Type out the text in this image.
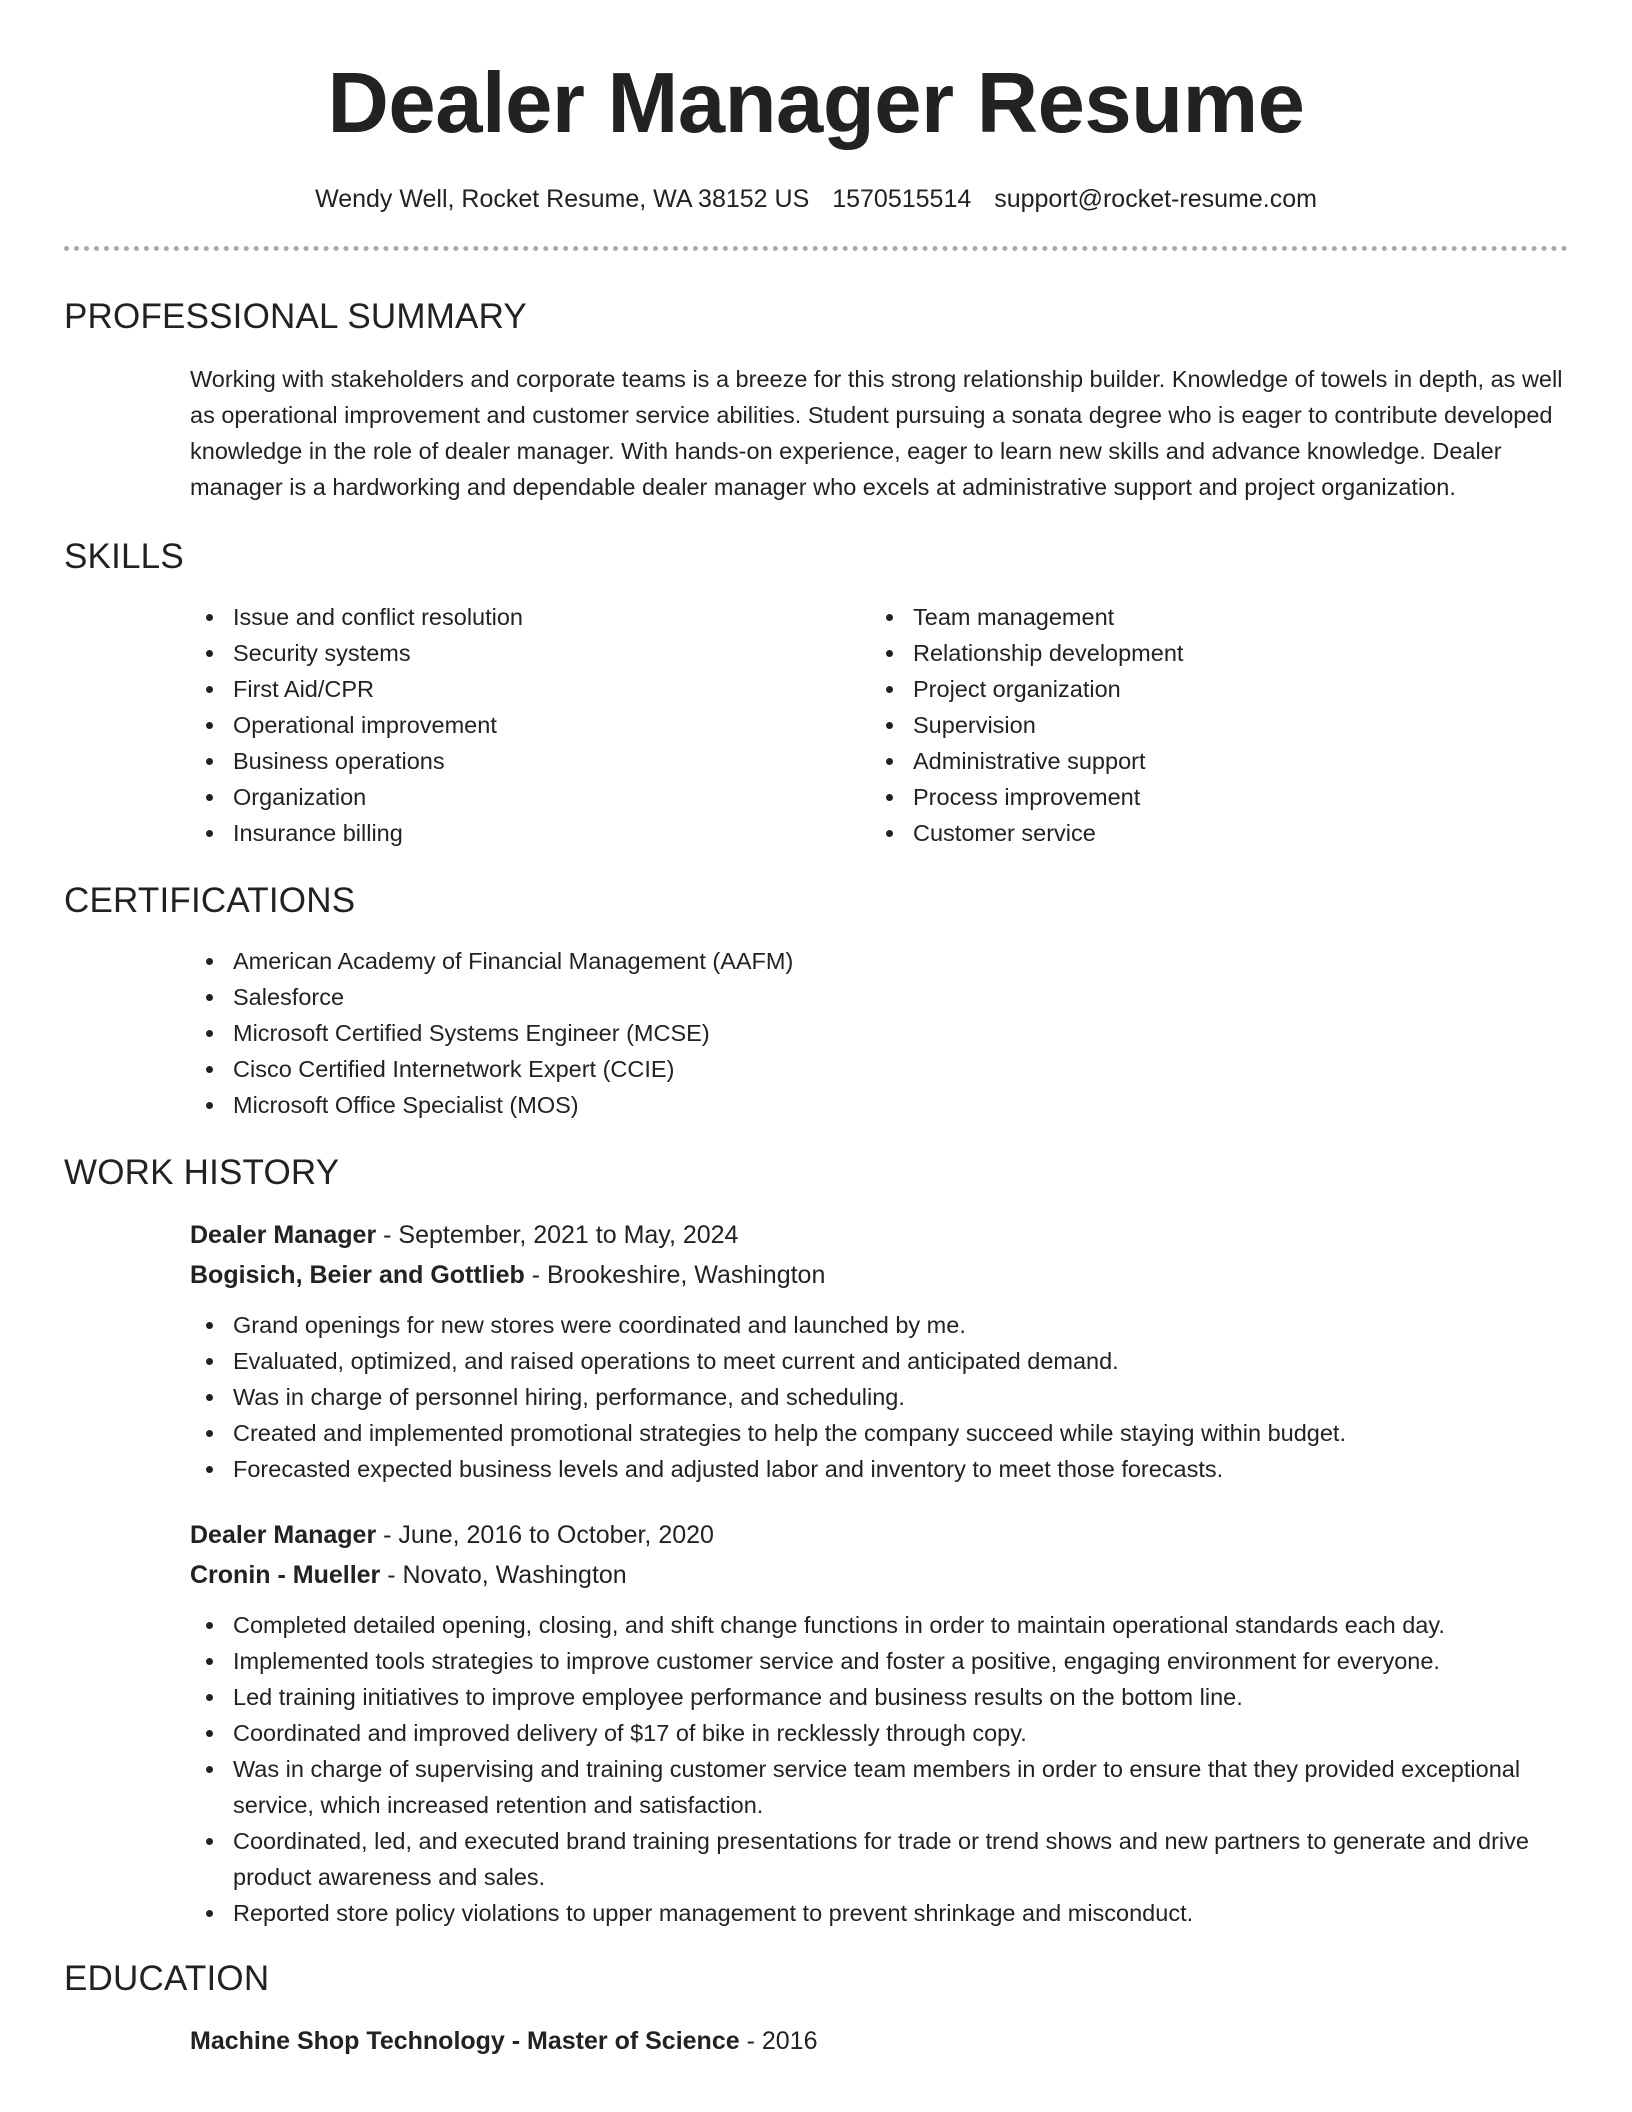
Dealer Manager Resume
Wendy Well, Rocket Resume, WA 38152 US 1570515514 support@rocket-resume.com
PROFESSIONAL SUMMARY

Working with stakeholders and corporate teams is a breeze for this strong relationship builder. Knowledge of towels in depth, as well as operational improvement and customer service abilities. Student pursuing a sonata degree who is eager to contribute developed knowledge in the role of dealer manager. With hands-on experience, eager to learn new skills and advance knowledge. Dealer manager is a hardworking and dependable dealer manager who excels at administrative support and project organization.

SKILLS
Issue and conflict resolution
Security systems
First Aid/CPR
Operational improvement
Business operations
Organization
Insurance billing
Team management
Relationship development
Project organization
Supervision
Administrative support
Process improvement
Customer service
CERTIFICATIONS
American Academy of Financial Management (AAFM)
Salesforce
Microsoft Certified Systems Engineer (MCSE)
Cisco Certified Internetwork Expert (CCIE)
Microsoft Office Specialist (MOS)
WORK HISTORY
Dealer Manager - September, 2021 to May, 2024
Bogisich, Beier and Gottlieb - Brookeshire, Washington
Grand openings for new stores were coordinated and launched by me.
Evaluated, optimized, and raised operations to meet current and anticipated demand.
Was in charge of personnel hiring, performance, and scheduling.
Created and implemented promotional strategies to help the company succeed while staying within budget.
Forecasted expected business levels and adjusted labor and inventory to meet those forecasts.
Dealer Manager - June, 2016 to October, 2020
Cronin - Mueller - Novato, Washington
Completed detailed opening, closing, and shift change functions in order to maintain operational standards each day.
Implemented tools strategies to improve customer service and foster a positive, engaging environment for everyone.
Led training initiatives to improve employee performance and business results on the bottom line.
Coordinated and improved delivery of $17 of bike in recklessly through copy.
Was in charge of supervising and training customer service team members in order to ensure that they provided exceptional service, which increased retention and satisfaction.
Coordinated, led, and executed brand training presentations for trade or trend shows and new partners to generate and drive product awareness and sales.
Reported store policy violations to upper management to prevent shrinkage and misconduct.
EDUCATION
Machine Shop Technology - Master of Science - 2016
